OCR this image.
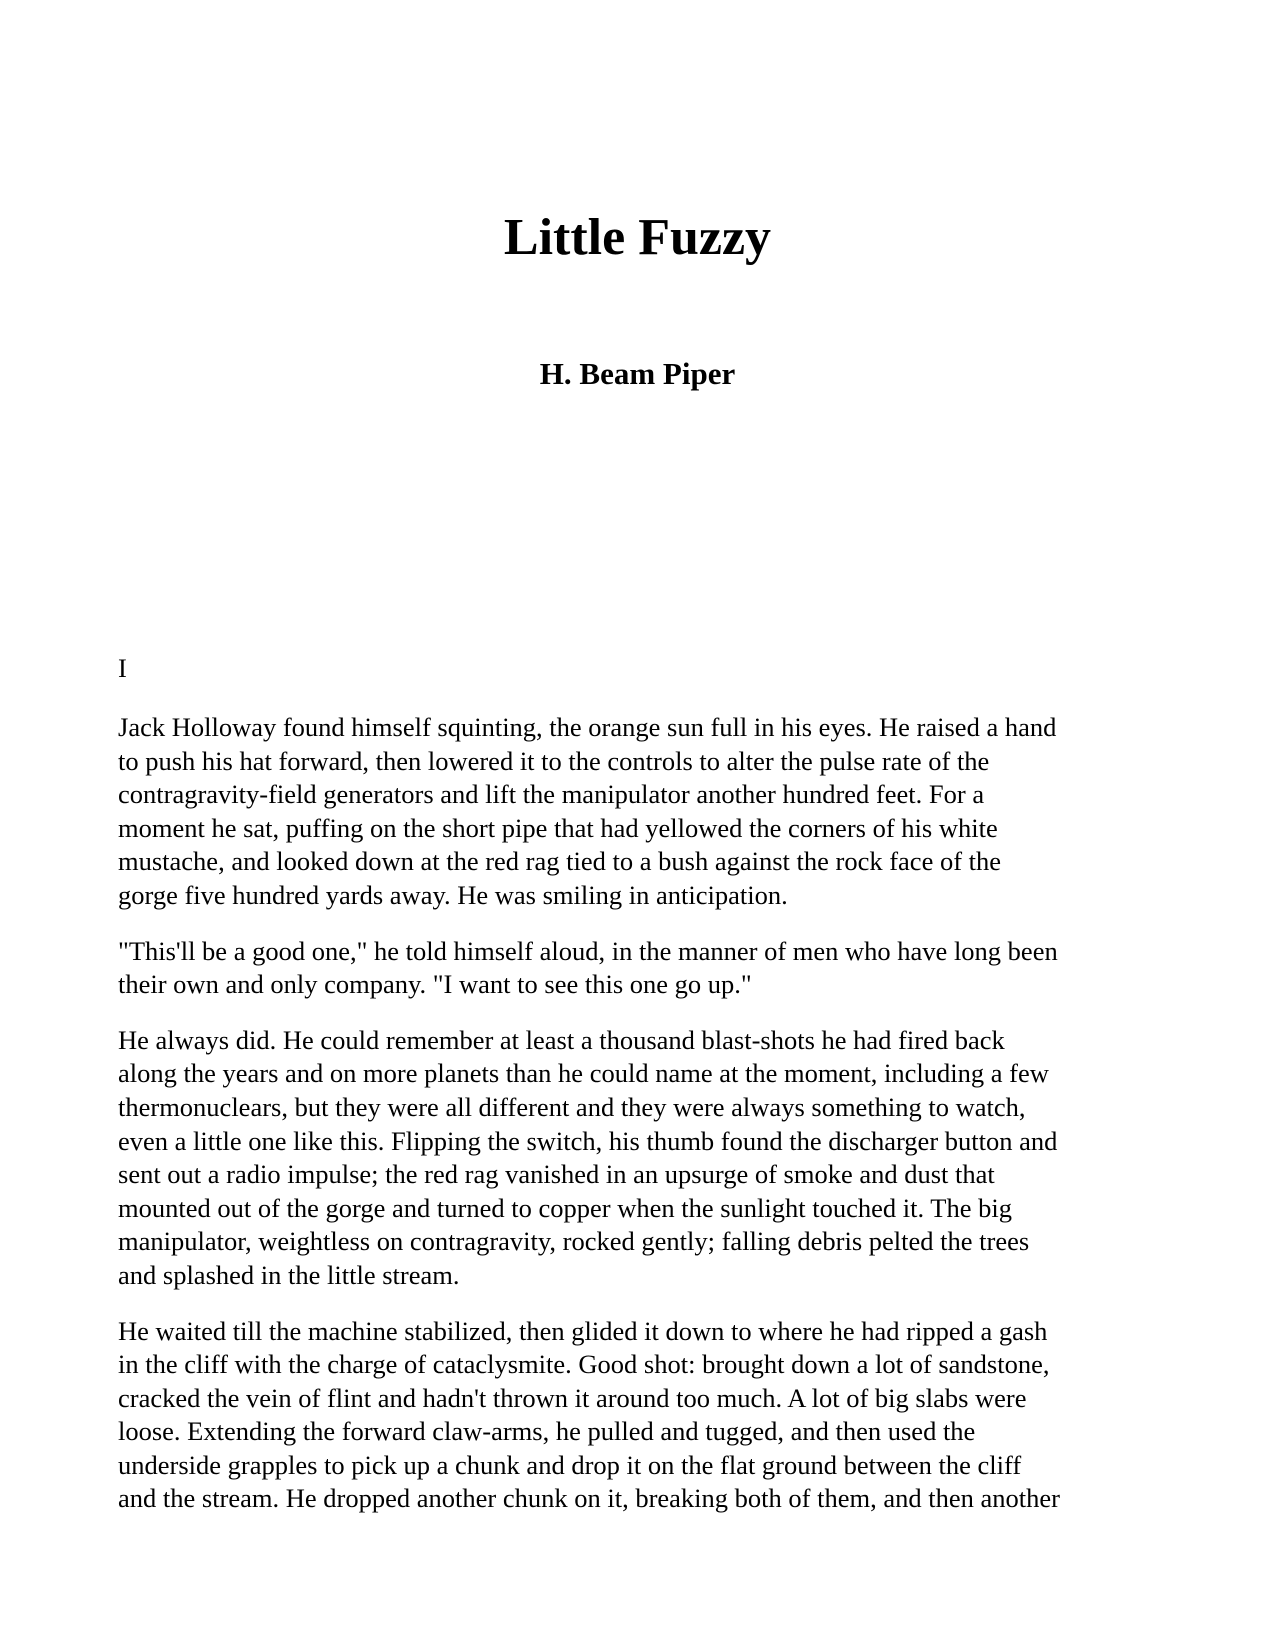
Little Fuzzy
H. Beam Piper
I

Jack Holloway found himself squinting, the orange sun full in his eyes. He raised a hand
to push his hat forward, then lowered it to the controls to alter the pulse rate of the
contragravity-field generators and lift the manipulator another hundred feet. For a
moment he sat, puffing on the short pipe that had yellowed the corners of his white
mustache, and looked down at the red rag tied to a bush against the rock face of the
gorge five hundred yards away. He was smiling in anticipation.

"This'll be a good one," he told himself aloud, in the manner of men who have long been
their own and only company. "I want to see this one go up."

He always did. He could remember at least a thousand blast-shots he had fired back
along the years and on more planets than he could name at the moment, including a few
thermonuclears, but they were all different and they were always something to watch,
even a little one like this. Flipping the switch, his thumb found the discharger button and
sent out a radio impulse; the red rag vanished in an upsurge of smoke and dust that
mounted out of the gorge and turned to copper when the sunlight touched it. The big
manipulator, weightless on contragravity, rocked gently; falling debris pelted the trees
and splashed in the little stream.

He waited till the machine stabilized, then glided it down to where he had ripped a gash
in the cliff with the charge of cataclysmite. Good shot: brought down a lot of sandstone,
cracked the vein of flint and hadn't thrown it around too much. A lot of big slabs were
loose. Extending the forward claw-arms, he pulled and tugged, and then used the
underside grapples to pick up a chunk and drop it on the flat ground between the cliff
and the stream. He dropped another chunk on it, breaking both of them, and then another
